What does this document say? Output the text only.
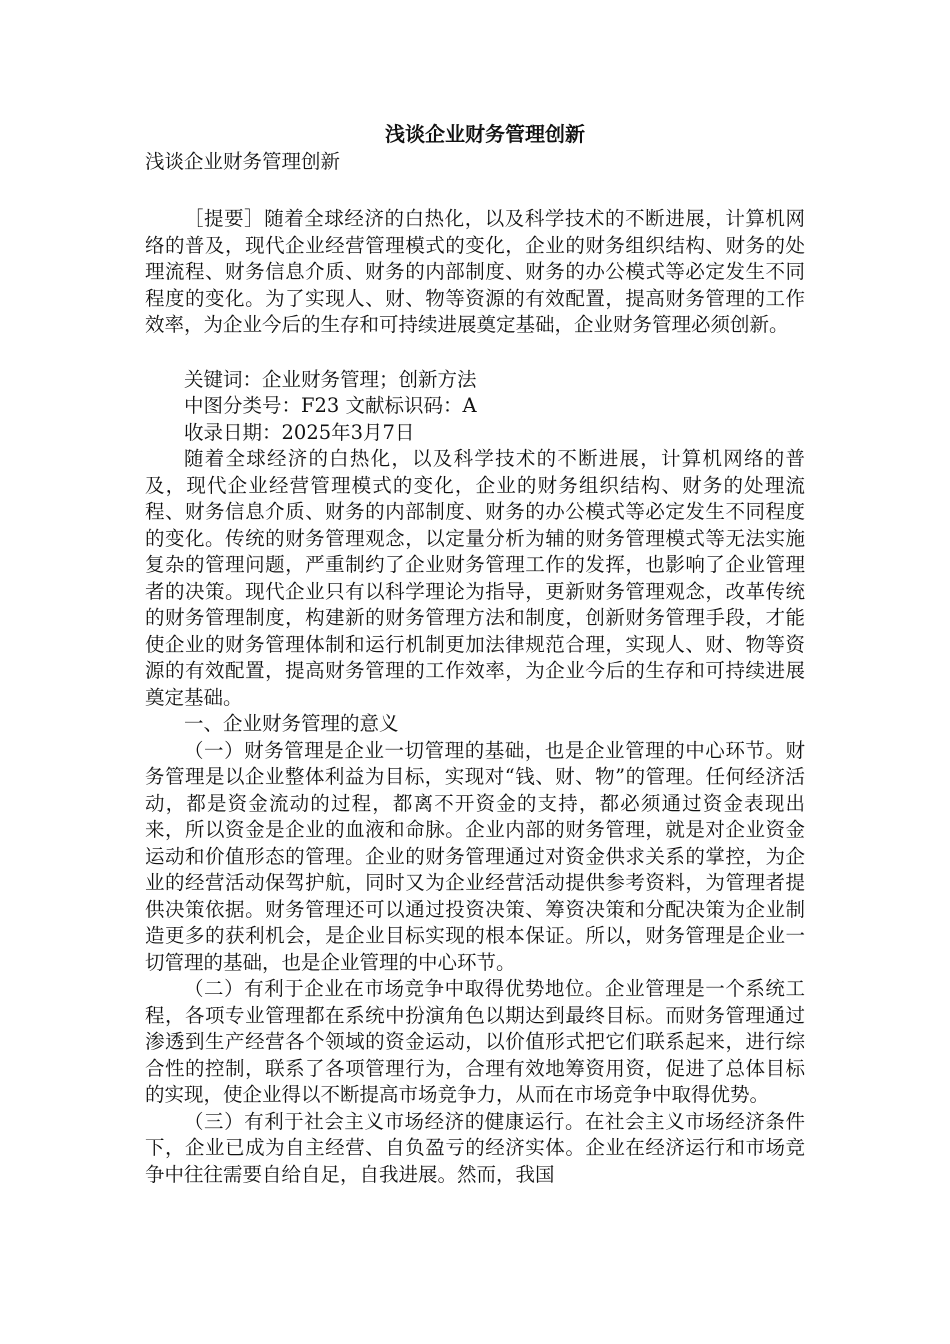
浅谈企业财务管理创新
浅谈企业财务管理创新

［提要］随着全球经济的白热化，以及科学技术的不断进展，计算机网络的普及，现代企业经营管理模式的变化，企业的财务组织结构、财务的处理流程、财务信息介质、财务的内部制度、财务的办公模式等必定发生不同程度的变化。为了实现人、财、物等资源的有效配置，提高财务管理的工作效率，为企业今后的生存和可持续进展奠定基础，企业财务管理必须创新。

关键词：企业财务管理；创新方法
中图分类号：F23 文献标识码：A
收录日期：2025年3月7日

随着全球经济的白热化，以及科学技术的不断进展，计算机网络的普及，现代企业经营管理模式的变化，企业的财务组织结构、财务的处理流程、财务信息介质、财务的内部制度、财务的办公模式等必定发生不同程度的变化。传统的财务管理观念，以定量分析为辅的财务管理模式等无法实施复杂的管理问题，严重制约了企业财务管理工作的发挥，也影响了企业管理者的决策。现代企业只有以科学理论为指导，更新财务管理观念，改革传统的财务管理制度，构建新的财务管理方法和制度，创新财务管理手段，才能使企业的财务管理体制和运行机制更加法律规范合理，实现人、财、物等资源的有效配置，提高财务管理的工作效率，为企业今后的生存和可持续进展奠定基础。

一、企业财务管理的意义

（一）财务管理是企业一切管理的基础，也是企业管理的中心环节。财务管理是以企业整体利益为目标，实现对“钱、财、物”的管理。任何经济活动，都是资金流动的过程，都离不开资金的支持，都必须通过资金表现出来，所以资金是企业的血液和命脉。企业内部的财务管理，就是对企业资金运动和价值形态的管理。企业的财务管理通过对资金供求关系的掌控，为企业的经营活动保驾护航，同时又为企业经营活动提供参考资料，为管理者提供决策依据。财务管理还可以通过投资决策、筹资决策和分配决策为企业制造更多的获利机会，是企业目标实现的根本保证。所以，财务管理是企业一切管理的基础，也是企业管理的中心环节。

（二）有利于企业在市场竞争中取得优势地位。企业管理是一个系统工程，各项专业管理都在系统中扮演角色以期达到最终目标。而财务管理通过渗透到生产经营各个领域的资金运动，以价值形式把它们联系起来，进行综合性的控制，联系了各项管理行为，合理有效地筹资用资，促进了总体目标的实现，使企业得以不断提高市场竞争力，从而在市场竞争中取得优势。

（三）有利于社会主义市场经济的健康运行。在社会主义市场经济条件下，企业已成为自主经营、自负盈亏的经济实体。企业在经济运行和市场竞争中往往需要自给自足，自我进展。然而，我国
